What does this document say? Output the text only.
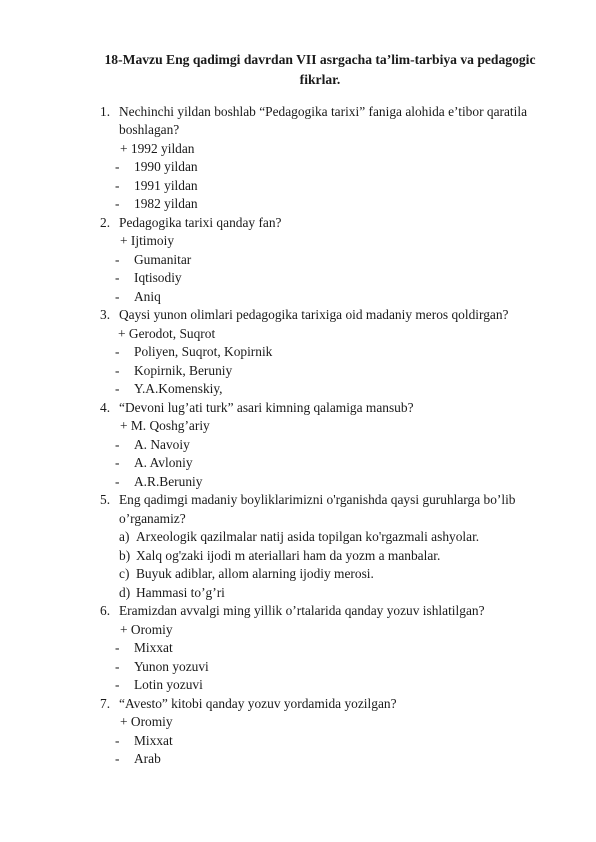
18-Mavzu Eng qadimgi davrdan VII asrgacha ta’lim-tarbiya va pedagogic
fikrlar.
1. Nechinchi yildan boshlab “Pedagogika tarixi” faniga alohida e’tibor qaratila
boshlagan?
+ 1992 yildan
- 1990 yildan
- 1991 yildan
- 1982 yildan
2. Pedagogika tarixi qanday fan?
+ Ijtimoiy
- Gumanitar
- Iqtisodiy
- Aniq
3. Qaysi yunon olimlari pedagogika tarixiga oid madaniy meros qoldirgan?
+ Gerodot, Suqrot
- Poliyen, Suqrot, Kopirnik
- Kopirnik, Beruniy
- Y.A.Komenskiy,
4. “Devoni lug’ati turk” asari kimning qalamiga mansub?
+ M. Qoshg’ariy
- A. Navoiy
- A. Avloniy
- A.R.Beruniy
5. Eng qadimgi madaniy boyliklarimizni o'rganishda qaysi guruhlarga bo’lib
o’rganamiz?
a) Arxeologik qazilmalar natij asida topilgan ko'rgazmali ashyolar.
b) Xalq og'zaki ijodi m ateriallari ham da yozm a manbalar.
c) Buyuk adiblar, allom alarning ijodiy merosi.
d) Hammasi to’g’ri
6. Eramizdan avvalgi ming yillik o’rtalarida qanday yozuv ishlatilgan?
+ Oromiy
- Mixxat
- Yunon yozuvi
- Lotin yozuvi
7. “Avesto” kitobi qanday yozuv yordamida yozilgan?
+ Oromiy
- Mixxat
- Arab
